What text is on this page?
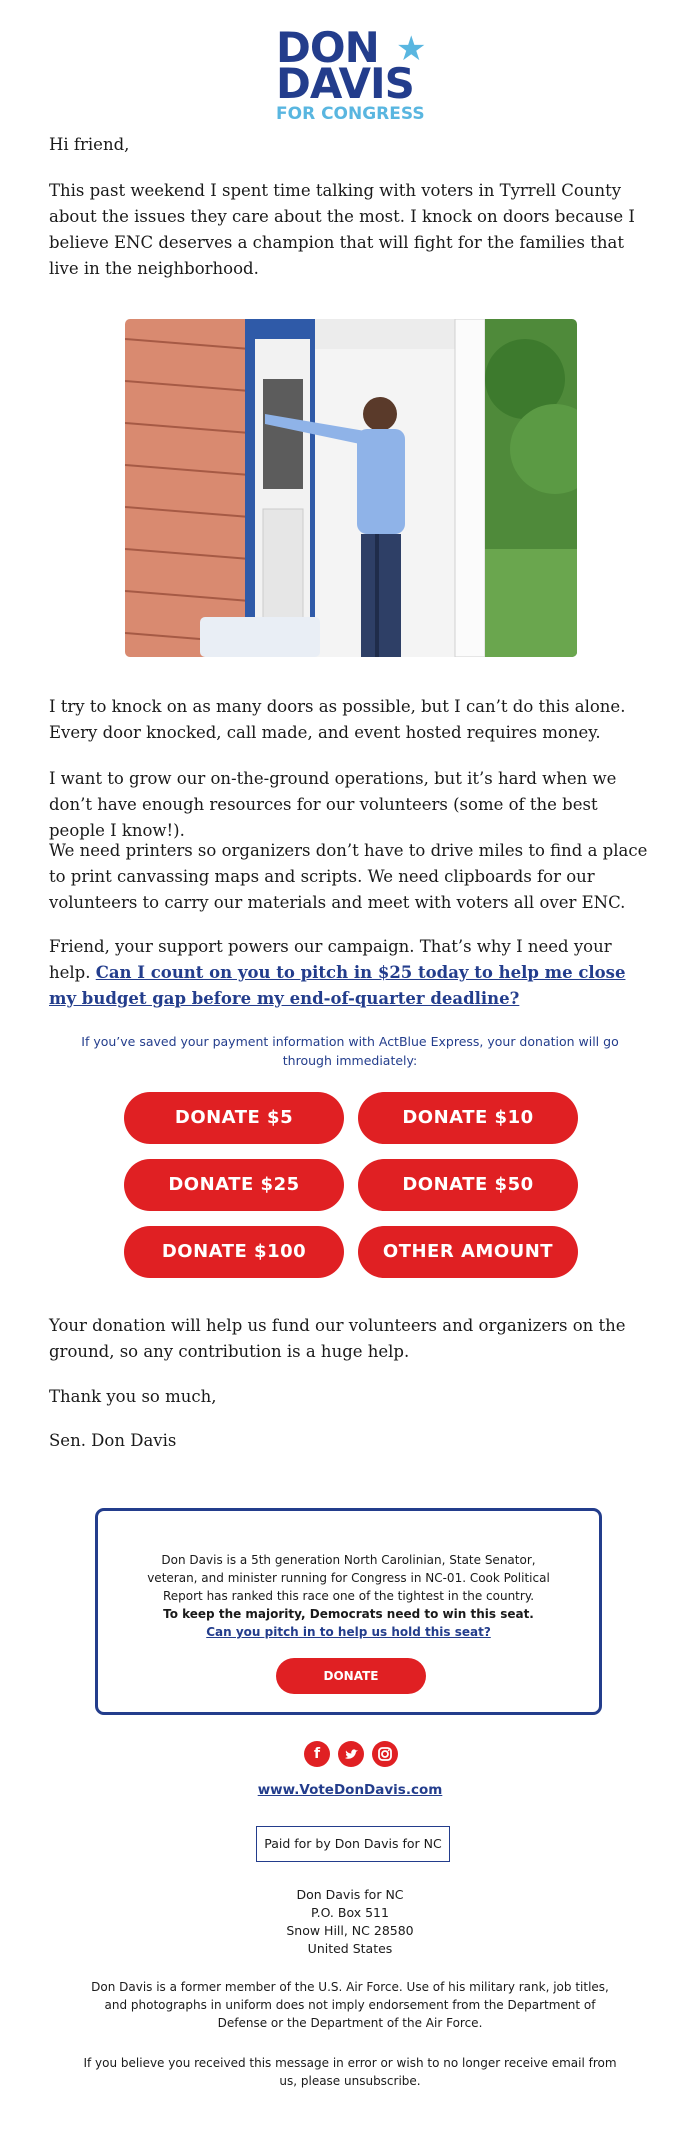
DON ★
DAVIS
FOR CONGRESS

Hi friend,

This past weekend I spent time talking with voters in Tyrrell County about the issues they care about the most. I knock on doors because I believe ENC deserves a champion that will fight for the families that live in the neighborhood.

I try to knock on as many doors as possible, but I can’t do this alone. Every door knocked, call made, and event hosted requires money.

I want to grow our on-the-ground operations, but it’s hard when we don’t have enough resources for our volunteers (some of the best people I know!).

We need printers so organizers don’t have to drive miles to find a place to print canvassing maps and scripts. We need clipboards for our volunteers to carry our materials and meet with voters all over ENC.

Friend, your support powers our campaign. That’s why I need your help. Can I count on you to pitch in $25 today to help me close my budget gap before my end-of-quarter deadline?

If you’ve saved your payment information with ActBlue Express, your donation will go through immediately:
DONATE $5	DONATE $10
DONATE $25	DONATE $50
DONATE $100	OTHER AMOUNT

Your donation will help us fund our volunteers and organizers on the ground, so any contribution is a huge help.

Thank you so much,

Sen. Don Davis

Don Davis is a 5th generation North Carolinian, State Senator, veteran, and minister running for Congress in NC-01. Cook Political Report has ranked this race one of the tightest in the country.
To keep the majority, Democrats need to win this seat.
Can you pitch in to help us hold this seat?
DONATE
f
www.VoteDonDavis.com
Paid for by Don Davis for NC
Don Davis for NC
P.O. Box 511
Snow Hill, NC 28580
United States
Don Davis is a former member of the U.S. Air Force. Use of his military rank, job titles, and photographs in uniform does not imply endorsement from the Department of Defense or the Department of the Air Force.
If you believe you received this message in error or wish to no longer receive email from us, please unsubscribe.
